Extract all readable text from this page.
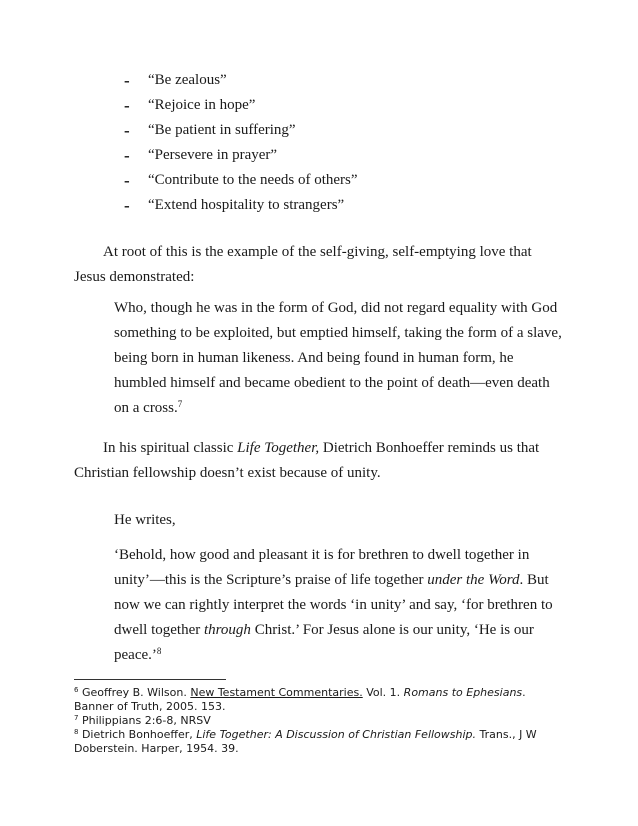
- “Be zealous”
- “Rejoice in hope”
- “Be patient in suffering”
- “Persevere in prayer”
- “Contribute to the needs of others”
- “Extend hospitality to strangers”
At root of this is the example of the self-giving, self-emptying love that
Jesus demonstrated:

Who, though he was in the form of God, did not regard equality with God something to be exploited, but emptied himself, taking the form of a slave, being born in human likeness. And being found in human form, he humbled himself and became obedient to the point of death—even death on a cross.$^7$

In his spiritual classic Life Together, Dietrich Bonhoeffer reminds us that Christian fellowship doesn’t exist because of unity.

He writes,

‘Behold, how good and pleasant it is for brethren to dwell together in unity’—this is the Scripture’s praise of life together under the Word. But now we can rightly interpret the words ‘in unity’ and say, ‘for brethren to dwell together through Christ.’ For Jesus alone is our unity, ‘He is our peace.’$^8$

$^6$ Geoffrey B. Wilson. New Testament Commentaries. Vol. 1. Romans to Ephesians. Banner of Truth, 2005. 153.

$^7$ Philippians 2:6-8, NRSV

$^8$ Dietrich Bonhoeffer, Life Together: A Discussion of Christian Fellowship. Trans., J W Doberstein. Harper, 1954. 39.
